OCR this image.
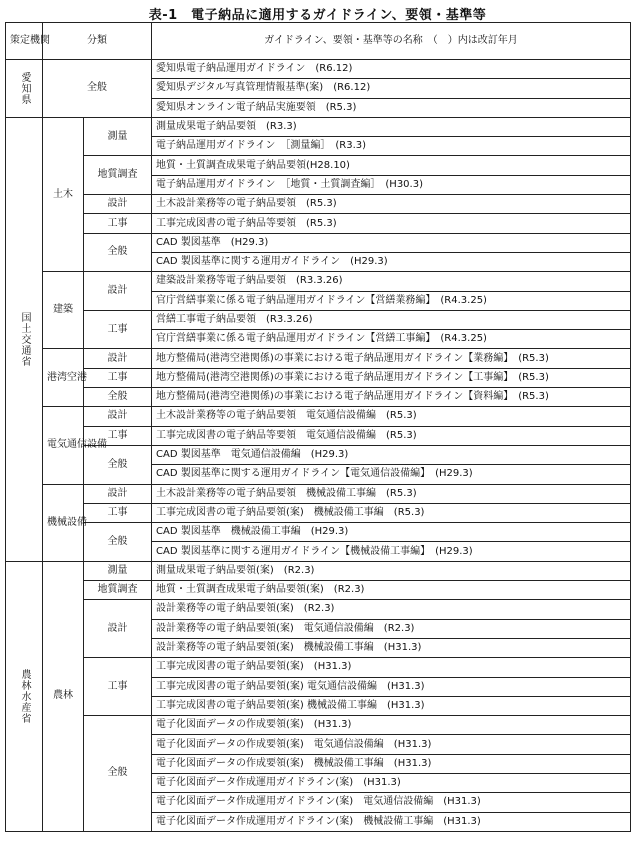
表-1　電子納品に適用するガイドライン、要領・基準等
策定機関	分類		ガイドライン、要領・基準等の名称　（　）内は改訂年月
愛知県	全般		愛知県電子納品運用ガイドライン　(R6.12)
			愛知県デジタル写真管理情報基準(案)　(R6.12)
			愛知県オンライン電子納品実施要領　(R5.3)
国土交通省	土木	測量	測量成果電子納品要領　(R3.3)
			電子納品運用ガイドライン　［測量編］　(R3.3)
		地質調査	地質・土質調査成果電子納品要領(H28.10)
			電子納品運用ガイドライン　［地質・土質調査編］　(H30.3)
		設計	土木設計業務等の電子納品要領　(R5.3)
		工事	工事完成図書の電子納品等要領　(R5.3)
		全般	CAD 製図基準　(H29.3)
			CAD 製図基準に関する運用ガイドライン　(H29.3)
	建築	設計	建築設計業務等電子納品要領　(R3.3.26)
			官庁営繕事業に係る電子納品運用ガイドライン【営繕業務編】　(R4.3.25)
		工事	営繕工事電子納品要領　(R3.3.26)
			官庁営繕事業に係る電子納品運用ガイドライン【営繕工事編】　(R4.3.25)
	港湾空港	設計	地方整備局(港湾空港関係)の事業における電子納品運用ガイドライン【業務編】　(R5.3)
		工事	地方整備局(港湾空港関係)の事業における電子納品運用ガイドライン【工事編】　(R5.3)
		全般	地方整備局(港湾空港関係)の事業における電子納品運用ガイドライン【資料編】　(R5.3)
	電気通信設備	設計	土木設計業務等の電子納品要領　電気通信設備編　(R5.3)
		工事	工事完成図書の電子納品等要領　電気通信設備編　(R5.3)
		全般	CAD 製図基準　電気通信設備編　(H29.3)
			CAD 製図基準に関する運用ガイドライン【電気通信設備編】　(H29.3)
	機械設備	設計	土木設計業務等の電子納品要領　機械設備工事編　(R5.3)
		工事	工事完成図書の電子納品要領(案)　機械設備工事編　(R5.3)
		全般	CAD 製図基準　機械設備工事編　(H29.3)
			CAD 製図基準に関する運用ガイドライン【機械設備工事編】　(H29.3)
農林水産省	農林	測量	測量成果電子納品要領(案)　(R2.3)
		地質調査	地質・土質調査成果電子納品要領(案)　(R2.3)
		設計	設計業務等の電子納品要領(案)　(R2.3)
			設計業務等の電子納品要領(案)　電気通信設備編　(R2.3)
			設計業務等の電子納品要領(案)　機械設備工事編　(H31.3)
		工事	工事完成図書の電子納品要領(案)　(H31.3)
			工事完成図書の電子納品要領(案) 電気通信設備編　(H31.3)
			工事完成図書の電子納品要領(案) 機械設備工事編　(H31.3)
		全般	電子化図面データの作成要領(案)　(H31.3)
			電子化図面データの作成要領(案)　電気通信設備編　(H31.3)
			電子化図面データの作成要領(案)　機械設備工事編　(H31.3)
			電子化図面データ作成運用ガイドライン(案)　(H31.3)
			電子化図面データ作成運用ガイドライン(案)　電気通信設備編　(H31.3)
			電子化図面データ作成運用ガイドライン(案)　機械設備工事編　(H31.3)
